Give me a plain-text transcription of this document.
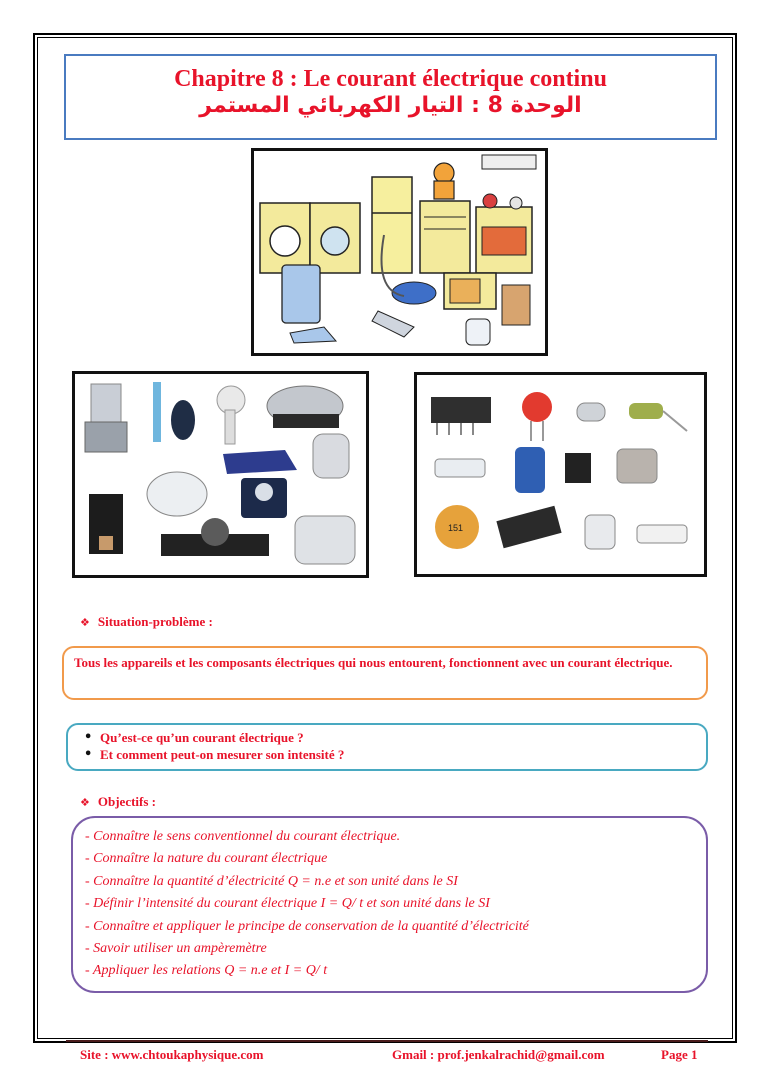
Chapitre 8 : Le courant électrique continu
الوحدة 8 : التيار الكهربائي المستمر
151
❖ Situation-problème :
Tous les appareils et les composants électriques qui nous entourent, fonctionnent avec un courant électrique.
• Qu’est-ce qu’un courant électrique ?
• Et comment peut-on mesurer son intensité ?
❖ Objectifs :
- Connaître le sens conventionnel du courant électrique.
- Connaître la nature du courant électrique
- Connaître la quantité d’électricité Q = n.e et son unité dans le SI
- Définir l’intensité du courant électrique I = Q/ t et son unité dans le SI
- Connaître et appliquer le principe de conservation de la quantité d’électricité
- Savoir utiliser un ampèremètre
- Appliquer les relations Q = n.e et I = Q/ t
Site : www.chtoukaphysique.com	Gmail : prof.jenkalrachid@gmail.com	Page 1
